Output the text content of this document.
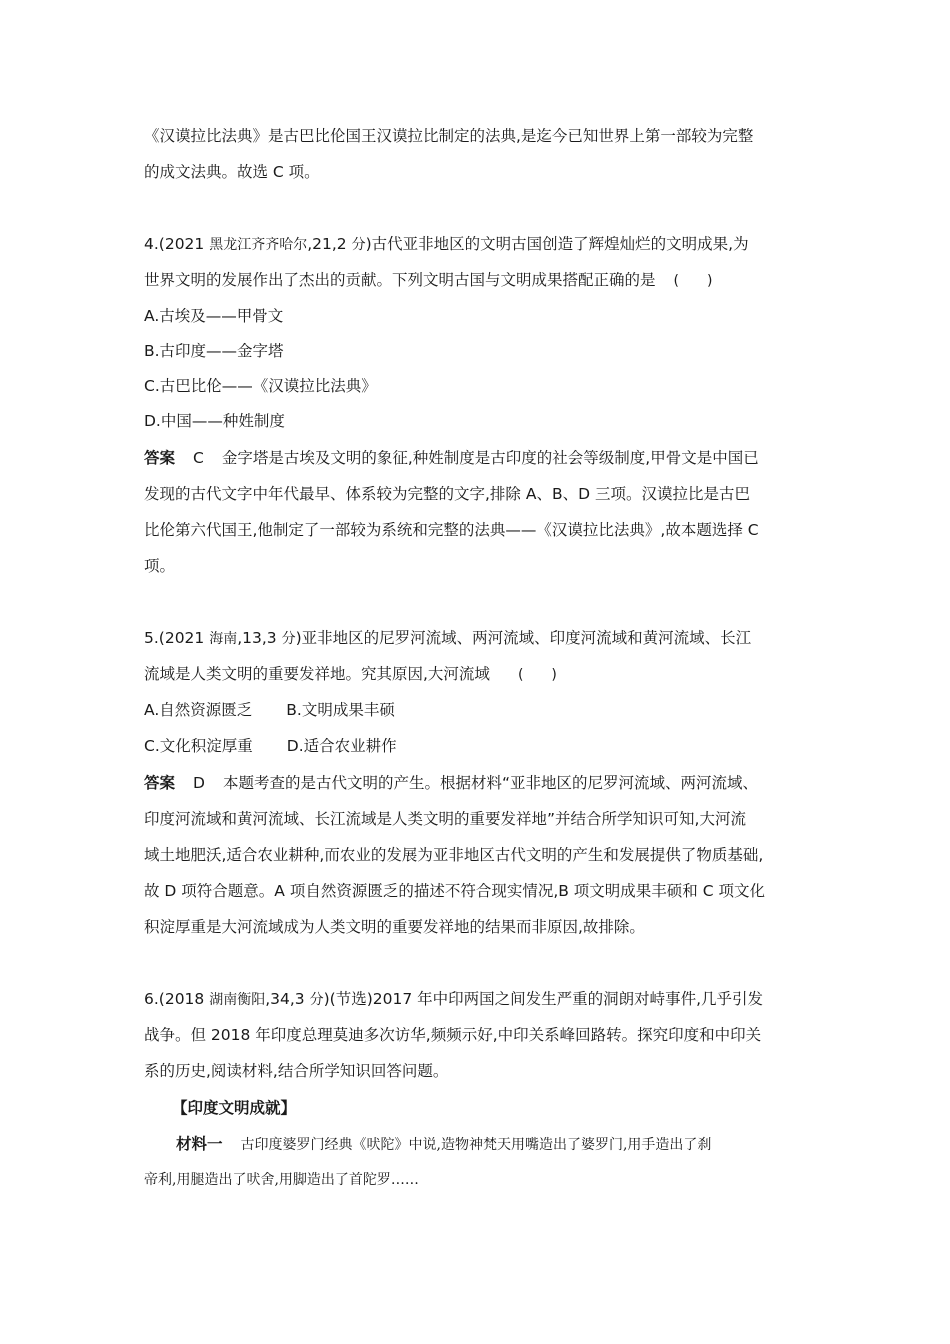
《汉谟拉比法典》是古巴比伦国王汉谟拉比制定的法典,是迄今已知世界上第一部较为完整
的成文法典。故选 C 项。
4.(2021 黑龙江齐齐哈尔,21,2 分)古代亚非地区的文明古国创造了辉煌灿烂的文明成果,为
世界文明的发展作出了杰出的贡献。下列文明古国与文明成果搭配正确的是 (　　)
A.古埃及——甲骨文
B.古印度——金字塔
C.古巴比伦——《汉谟拉比法典》
D.中国——种姓制度
答案 C 金字塔是古埃及文明的象征,种姓制度是古印度的社会等级制度,甲骨文是中国已
发现的古代文字中年代最早、体系较为完整的文字,排除 A、B、D 三项。汉谟拉比是古巴
比伦第六代国王,他制定了一部较为系统和完整的法典——《汉谟拉比法典》,故本题选择 C
项。
5.(2021 海南,13,3 分)亚非地区的尼罗河流域、两河流域、印度河流域和黄河流域、长江
流域是人类文明的重要发祥地。究其原因,大河流域 (　　)
A.自然资源匮乏 B.文明成果丰硕
C.文化积淀厚重 D.适合农业耕作
答案 D 本题考查的是古代文明的产生。根据材料“亚非地区的尼罗河流域、两河流域、
印度河流域和黄河流域、长江流域是人类文明的重要发祥地”并结合所学知识可知,大河流
域土地肥沃,适合农业耕种,而农业的发展为亚非地区古代文明的产生和发展提供了物质基础,
故 D 项符合题意。A 项自然资源匮乏的描述不符合现实情况,B 项文明成果丰硕和 C 项文化
积淀厚重是大河流域成为人类文明的重要发祥地的结果而非原因,故排除。
6.(2018 湖南衡阳,34,3 分)(节选)2017 年中印两国之间发生严重的洞朗对峙事件,几乎引发
战争。但 2018 年印度总理莫迪多次访华,频频示好,中印关系峰回路转。探究印度和中印关
系的历史,阅读材料,结合所学知识回答问题。
【印度文明成就】
材料一 古印度婆罗门经典《吠陀》中说,造物神梵天用嘴造出了婆罗门,用手造出了刹
帝利,用腿造出了吠舍,用脚造出了首陀罗……
